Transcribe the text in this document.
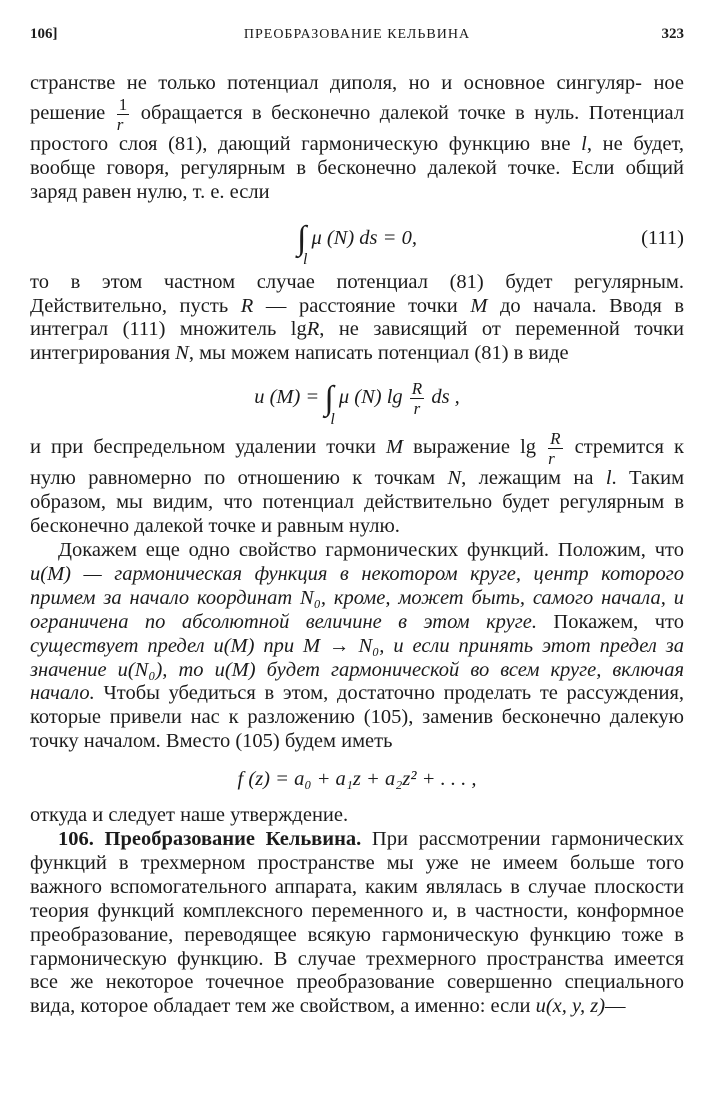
106]	ПРЕОБРАЗОВАНИЕ КЕЛЬВИНА	323

странстве не только потенциал диполя, но и основное сингуляр- ное решение $\frac{1}{r}$ обращается в бесконечно далекой точке в нуль. Потенциал простого слоя (81), дающий гармоническую функцию вне l, не будет, вообще говоря, регулярным в бесконечно далекой точке. Если общий заряд равен нулю, т. е. если

∫
l
μ (N) ds = 0,	(111)

то в этом частном случае потенциал (81) будет регулярным. Действительно, пусть R — расстояние точки M до начала. Вводя в интеграл (111) множитель lgR, не зависящий от переменной точки интегрирования N, мы можем написать потенциал (81) в виде

u (M) = ∫
l
μ (N) $\lg \frac{R}{r}$ ds ,

и при беспредельном удалении точки M выражение $\lg \frac{R}{r}$ стремится к нулю равномерно по отношению к точкам N, лежащим на l. Таким образом, мы видим, что потенциал действительно будет регулярным в бесконечно далекой точке и равным нулю.

Докажем еще одно свойство гармонических функций. Положим, что u(M) — гармоническая функция в некотором круге, центр которого примем за начало координат N₀, кроме, может быть, самого начала, и ограничена по абсолютной величине в этом круге. Покажем, что существует предел u(M) при M → N₀, и если принять этот предел за значение u(N₀), то u(M) будет гармонической во всем круге, включая начало. Чтобы убедиться в этом, достаточно проделать те рассуждения, которые привели нас к разложению (105), заменив бесконечно далекую точку началом. Вместо (105) будем иметь

f (z) = a₀ + a₁z + a₂z² + . . . ,

откуда и следует наше утверждение.

106. Преобразование Кельвина. При рассмотрении гармонических функций в трехмерном пространстве мы уже не имеем больше того важного вспомогательного аппарата, каким являлась в случае плоскости теория функций комплексного переменного и, в частности, конформное преобразование, переводящее всякую гармоническую функцию тоже в гармоническую функцию. В случае трехмерного пространства имеется все же некоторое точечное преобразование совершенно специального вида, которое обладает тем же свойством, а именно: если u(x, y, z)—
